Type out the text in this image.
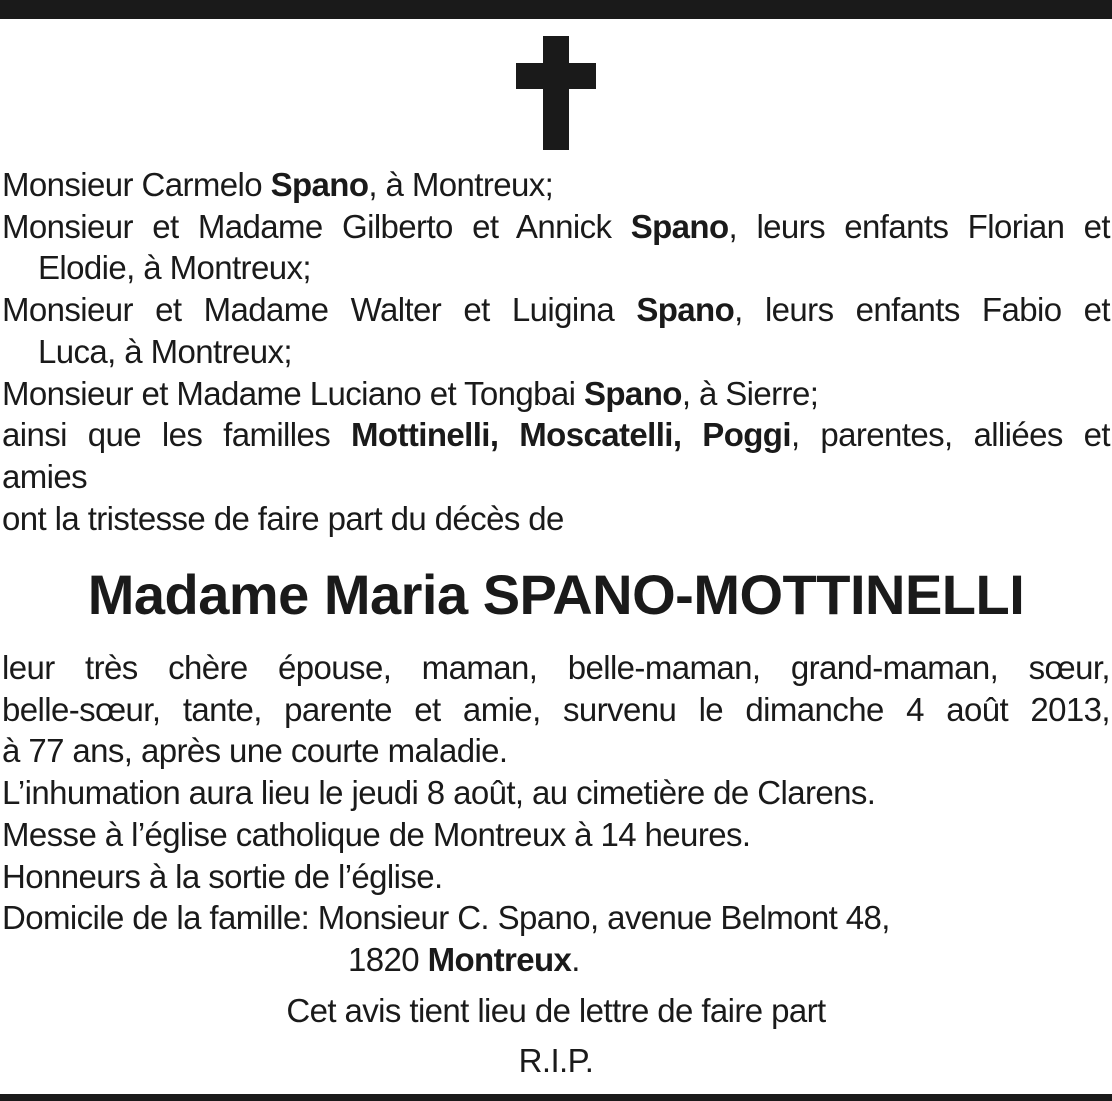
Monsieur Carmelo Spano, à Montreux;
Monsieur et Madame Gilberto et Annick Spano, leurs enfants Florian et
Elodie, à Montreux;
Monsieur et Madame Walter et Luigina Spano, leurs enfants Fabio et
Luca, à Montreux;
Monsieur et Madame Luciano et Tongbai Spano, à Sierre;
ainsi que les familles Mottinelli, Moscatelli, Poggi, parentes, alliées et
amies
ont la tristesse de faire part du décès de
Madame Maria SPANO-MOTTINELLI
leur très chère épouse, maman, belle-maman, grand-maman, sœur,
belle-sœur, tante, parente et amie, survenu le dimanche 4 août 2013,
à 77 ans, après une courte maladie.
L’inhumation aura lieu le jeudi 8 août, au cimetière de Clarens.
Messe à l’église catholique de Montreux à 14 heures.
Honneurs à la sortie de l’église.
Domicile de la famille: Monsieur C. Spano, avenue Belmont 48,
1820 Montreux.
Cet avis tient lieu de lettre de faire part
R.I.P.
